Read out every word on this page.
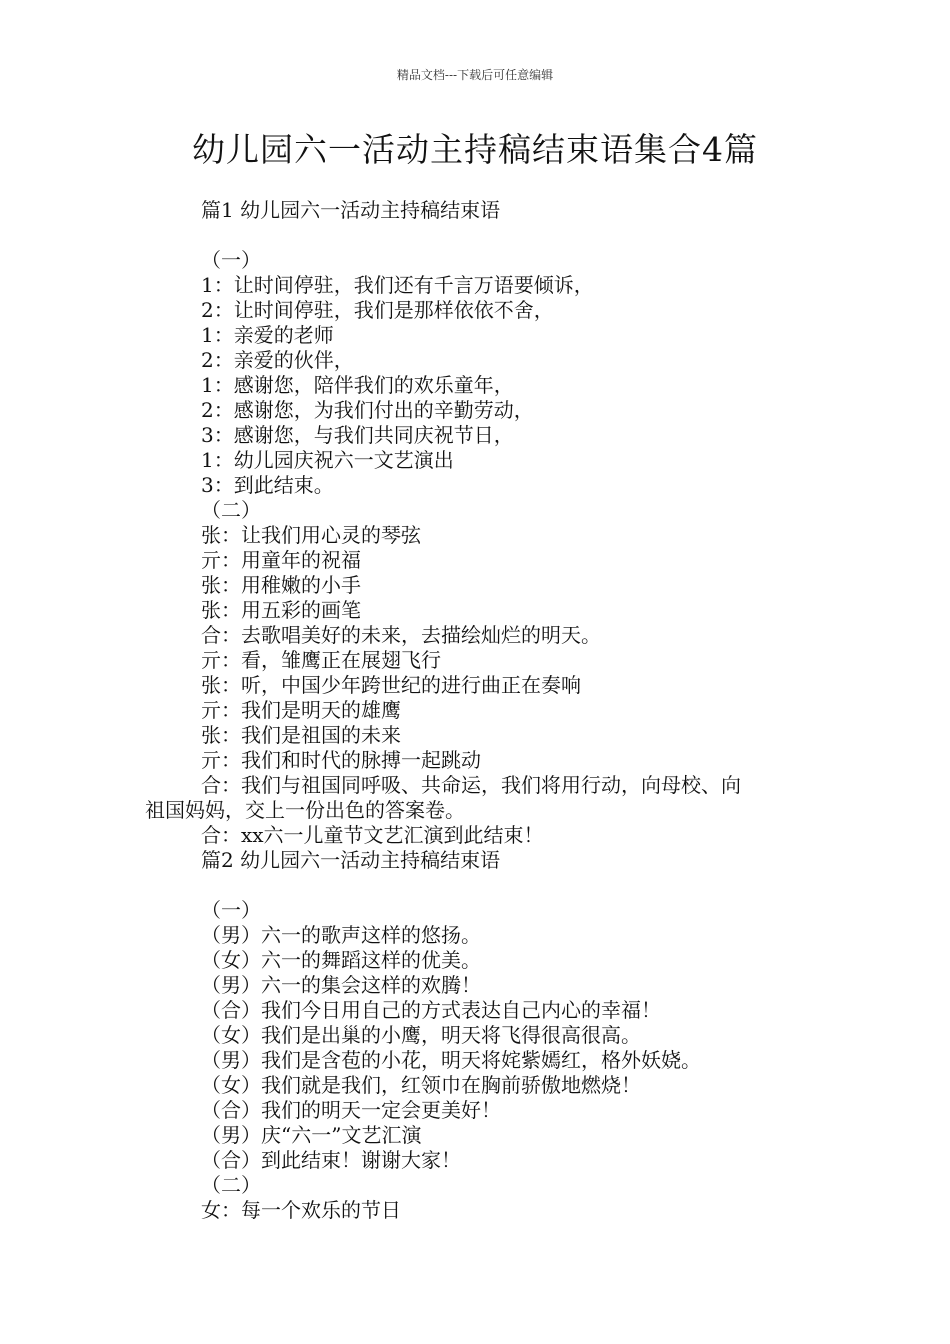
精品文档---下载后可任意编辑
幼儿园六一活动主持稿结束语集合4篇
篇1 幼儿园六一活动主持稿结束语
（一）
1：让时间停驻，我们还有千言万语要倾诉，
2：让时间停驻，我们是那样依依不舍，
1：亲爱的老师
2：亲爱的伙伴，
1：感谢您，陪伴我们的欢乐童年，
2：感谢您，为我们付出的辛勤劳动，
3：感谢您，与我们共同庆祝节日，
1：幼儿园庆祝六一文艺演出
3：到此结束。
（二）
张：让我们用心灵的琴弦
亓：用童年的祝福
张：用稚嫩的小手
张：用五彩的画笔
合：去歌唱美好的未来，去描绘灿烂的明天。
亓：看，雏鹰正在展翅飞行
张：听，中国少年跨世纪的进行曲正在奏响
亓：我们是明天的雄鹰
张：我们是祖国的未来
亓：我们和时代的脉搏一起跳动
合：我们与祖国同呼吸、共命运，我们将用行动，向母校、向
祖国妈妈，交上一份出色的答案卷。
合：xx六一儿童节文艺汇演到此结束！
篇2 幼儿园六一活动主持稿结束语
（一）
（男）六一的歌声这样的悠扬。
（女）六一的舞蹈这样的优美。
（男）六一的集会这样的欢腾！
（合）我们今日用自己的方式表达自己内心的幸福！
（女）我们是出巢的小鹰，明天将飞得很高很高。
（男）我们是含苞的小花，明天将姹紫嫣红，格外妖娆。
（女）我们就是我们，红领巾在胸前骄傲地燃烧！
（合）我们的明天一定会更美好！
（男）庆“六一”文艺汇演
（合）到此结束！谢谢大家！
（二）
女：每一个欢乐的节日
